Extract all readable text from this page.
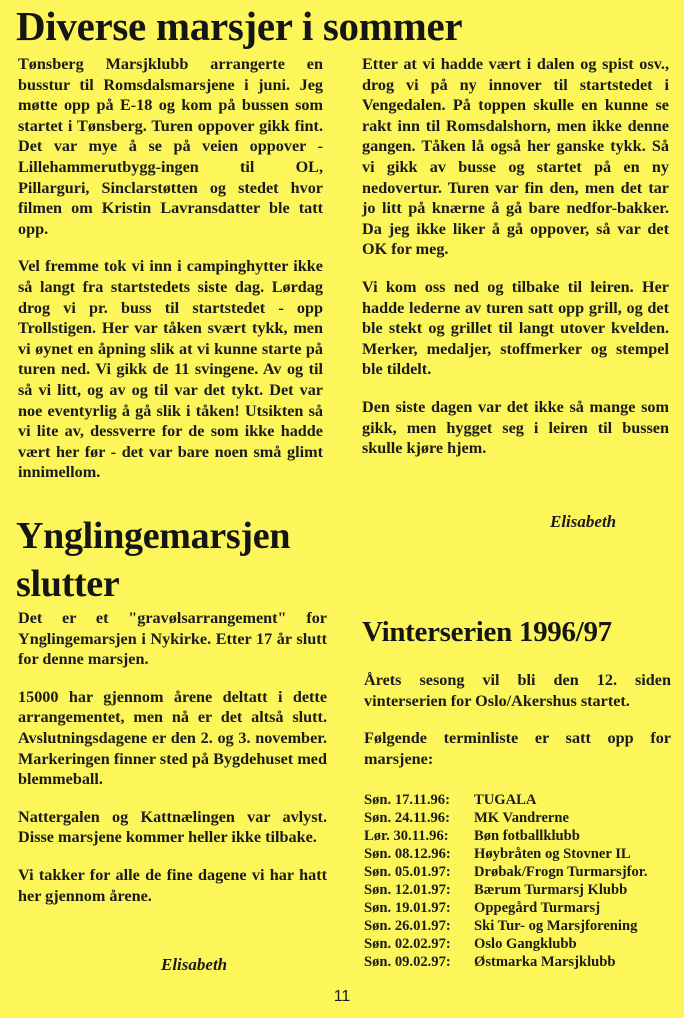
Diverse marsjer i sommer

Tønsberg Marsjklubb arrangerte en busstur til Romsdalsmarsjene i juni. Jeg møtte opp på E-18 og kom på bussen som startet i Tønsberg. Turen oppover gikk fint. Det var mye å se på veien oppover - Lillehammerutbygg-ingen til OL, Pillarguri, Sinclarstøtten og stedet hvor filmen om Kristin Lavransdatter ble tatt opp.

Vel fremme tok vi inn i campinghytter ikke så langt fra startstedets siste dag. Lørdag drog vi pr. buss til startstedet - opp Trollstigen. Her var tåken svært tykk, men vi øynet en åpning slik at vi kunne starte på turen ned. Vi gikk de 11 svingene. Av og til så vi litt, og av og til var det tykt. Det var noe eventyrlig å gå slik i tåken! Utsikten så vi lite av, dessverre for de som ikke hadde vært her før - det var bare noen små glimt innimellom.

Etter at vi hadde vært i dalen og spist osv., drog vi på ny innover til startstedet i Vengedalen. På toppen skulle en kunne se rakt inn til Romsdalshorn, men ikke denne gangen. Tåken lå også her ganske tykk. Så vi gikk av busse og startet på en ny nedovertur. Turen var fin den, men det tar jo litt på knærne å gå bare nedfor-bakker. Da jeg ikke liker å gå oppover, så var det OK for meg.

Vi kom oss ned og tilbake til leiren. Her hadde lederne av turen satt opp grill, og det ble stekt og grillet til langt utover kvelden. Merker, medaljer, stoffmerker og stempel ble tildelt.

Den siste dagen var det ikke så mange som gikk, men hygget seg i leiren til bussen skulle kjøre hjem.

Elisabeth
Ynglingemarsjen
slutter

Det er et "gravølsarrangement" for Ynglingemarsjen i Nykirke. Etter 17 år slutt for denne marsjen.

15000 har gjennom årene deltatt i dette arrangementet, men nå er det altså slutt. Avslutningsdagene er den 2. og 3. november. Markeringen finner sted på Bygdehuset med blemmeball.

Nattergalen og Kattnælingen var avlyst. Disse marsjene kommer heller ikke tilbake.

Vi takker for alle de fine dagene vi har hatt her gjennom årene.

Elisabeth
Vinterserien 1996/97

Årets sesong vil bli den 12. siden vinterserien for Oslo/Akershus startet.

Følgende terminliste er satt opp for marsjene:

Søn. 17.11.96:	TUGALA
Søn. 24.11.96:	MK Vandrerne
Lør. 30.11.96:	Bøn fotballklubb
Søn. 08.12.96:	Høybråten og Stovner IL
Søn. 05.01.97:	Drøbak/Frogn Turmarsjfor.
Søn. 12.01.97:	Bærum Turmarsj Klubb
Søn. 19.01.97:	Oppegård Turmarsj
Søn. 26.01.97:	Ski Tur- og Marsjforening
Søn. 02.02.97:	Oslo Gangklubb
Søn. 09.02.97:	Østmarka Marsjklubb
11
